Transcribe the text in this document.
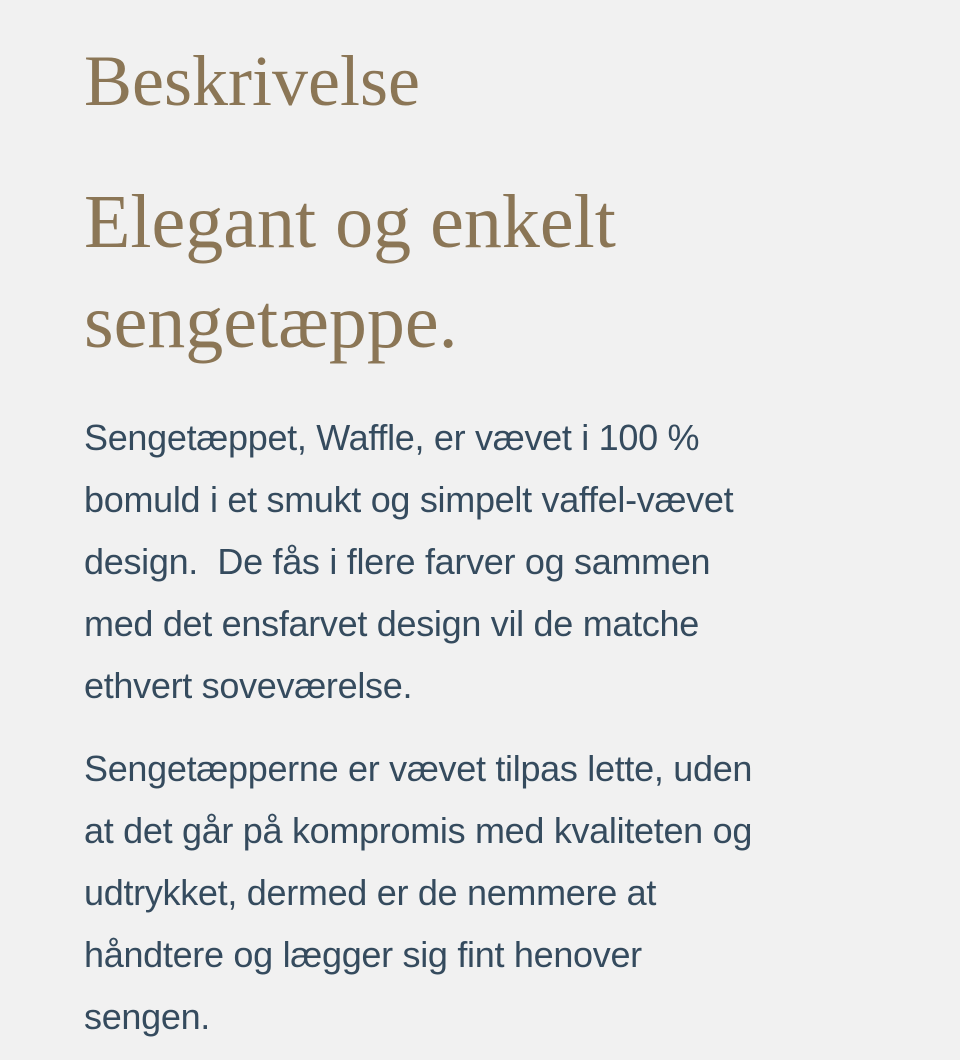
Beskrivelse
Elegant og enkelt
sengetæppe.

Sengetæppet, Waffle, er vævet i 100 %
bomuld i et smukt og simpelt vaffel-vævet
design.  De fås i flere farver og sammen
med det ensfarvet design vil de matche
ethvert soveværelse.

Sengetæpperne er vævet tilpas lette, uden
at det går på kompromis med kvaliteten og
udtrykket, dermed er de nemmere at
håndtere og lægger sig fint henover
sengen.
